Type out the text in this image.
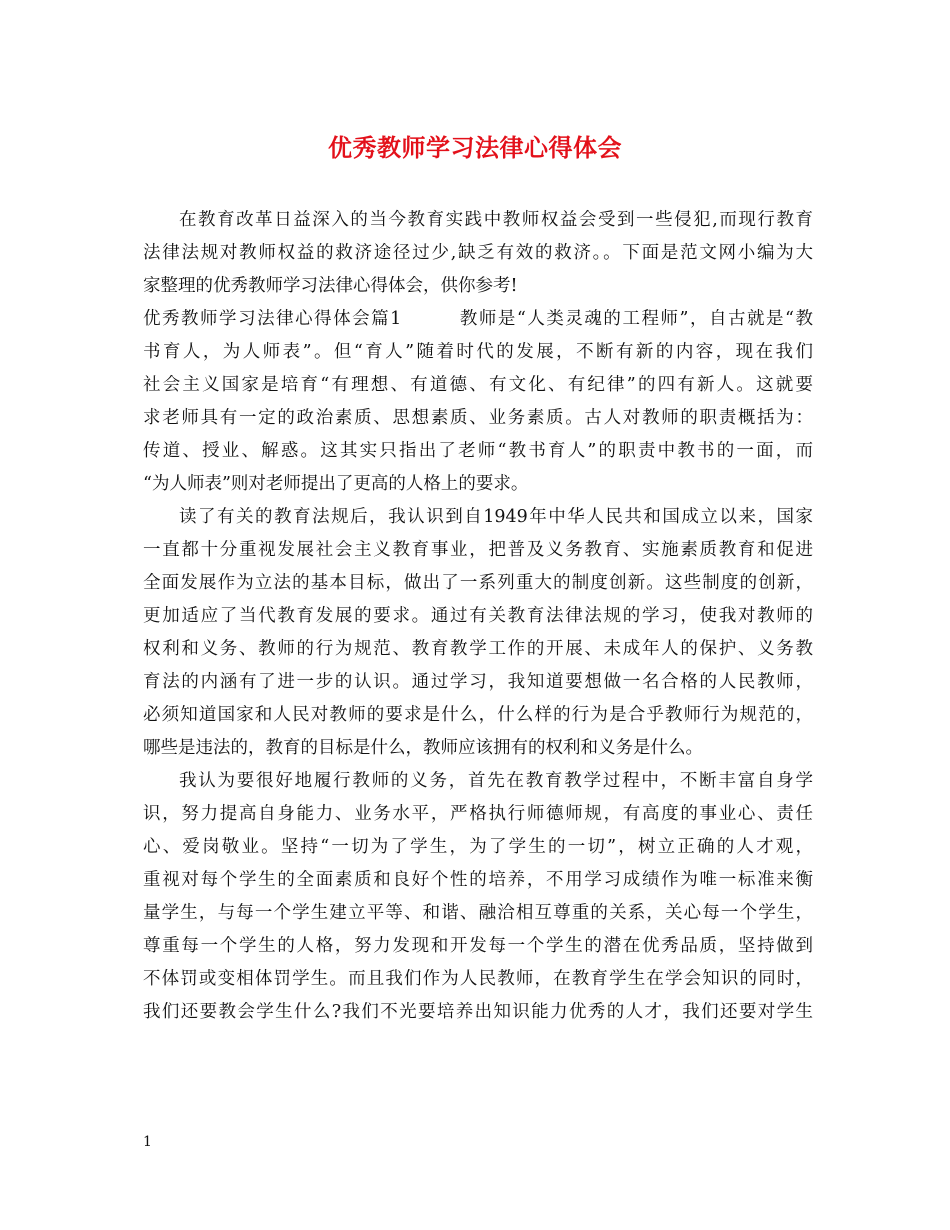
优秀教师学习法律心得体会
在教育改革日益深入的当今教育实践中教师权益会受到一些侵犯,而现行教育
法律法规对教师权益的救济途径过少,缺乏有效的救济。。下面是范文网小编为大
家整理的优秀教师学习法律心得体会，供你参考!
优秀教师学习法律心得体会篇1　　　教师是“人类灵魂的工程师”，自古就是“教
书育人，为人师表”。但“育人”随着时代的发展，不断有新的内容，现在我们
社会主义国家是培育“有理想、有道德、有文化、有纪律”的四有新人。这就要
求老师具有一定的政治素质、思想素质、业务素质。古人对教师的职责概括为：
传道、授业、解惑。这其实只指出了老师“教书育人”的职责中教书的一面，而
“为人师表”则对老师提出了更高的人格上的要求。
读了有关的教育法规后，我认识到自1949年中华人民共和国成立以来，国家
一直都十分重视发展社会主义教育事业，把普及义务教育、实施素质教育和促进
全面发展作为立法的基本目标，做出了一系列重大的制度创新。这些制度的创新，
更加适应了当代教育发展的要求。通过有关教育法律法规的学习，使我对教师的
权利和义务、教师的行为规范、教育教学工作的开展、未成年人的保护、义务教
育法的内涵有了进一步的认识。通过学习，我知道要想做一名合格的人民教师，
必须知道国家和人民对教师的要求是什么，什么样的行为是合乎教师行为规范的，
哪些是违法的，教育的目标是什么，教师应该拥有的权利和义务是什么。
我认为要很好地履行教师的义务，首先在教育教学过程中，不断丰富自身学
识，努力提高自身能力、业务水平，严格执行师德师规，有高度的事业心、责任
心、爱岗敬业。坚持“一切为了学生，为了学生的一切”，树立正确的人才观，
重视对每个学生的全面素质和良好个性的培养，不用学习成绩作为唯一标准来衡
量学生，与每一个学生建立平等、和谐、融洽相互尊重的关系，关心每一个学生，
尊重每一个学生的人格，努力发现和开发每一个学生的潜在优秀品质，坚持做到
不体罚或变相体罚学生。而且我们作为人民教师，在教育学生在学会知识的同时，
我们还要教会学生什么?我们不光要培养出知识能力优秀的人才，我们还要对学生
1
